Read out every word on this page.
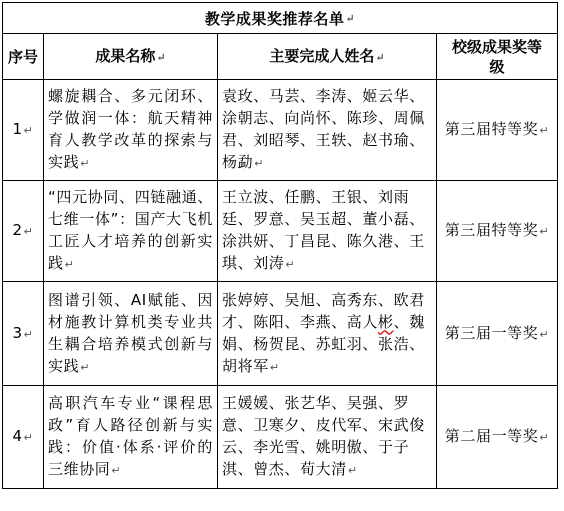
教学成果奖推荐名单 ↵
序号	成果名称↵	主要完成人姓名↵	校级成果奖等级
1↵	螺旋耦合、多元闭环、学做润一体：航天精神育人教学改革的探索与实践↵	袁玫、马芸、李涛、姬云华、涂朝志、向尚怀、陈珍、周佩君、刘昭琴、王轶、赵书瑜、杨勐↵	第三届特等奖↵
2↵	“四元协同、四链融通、七维一体”：国产大飞机工匠人才培养的创新实践↵	王立波、任鹏、王银、刘雨廷、罗意、吴玉超、董小磊、涂洪妍、丁昌昆、陈久港、王琪、刘涛↵	第三届特等奖↵
3↵	图谱引领、AI赋能、因材施教计算机类专业共生耦合培养模式创新与实践↵	张婷婷、吴旭、高秀东、欧君才、陈阳、李燕、高人彬、魏娟、杨贺昆、苏虹羽、张浩、胡将军↵	第三届一等奖↵
4↵	高职汽车专业“课程思政”育人路径创新与实践：价值·体系·评价的三维协同↵	王媛媛、张艺华、吴强、罗意、卫寒夕、皮代军、宋武俊云、李光雪、姚明傲、于子淇、曾杰、荀大清↵	第二届一等奖↵
